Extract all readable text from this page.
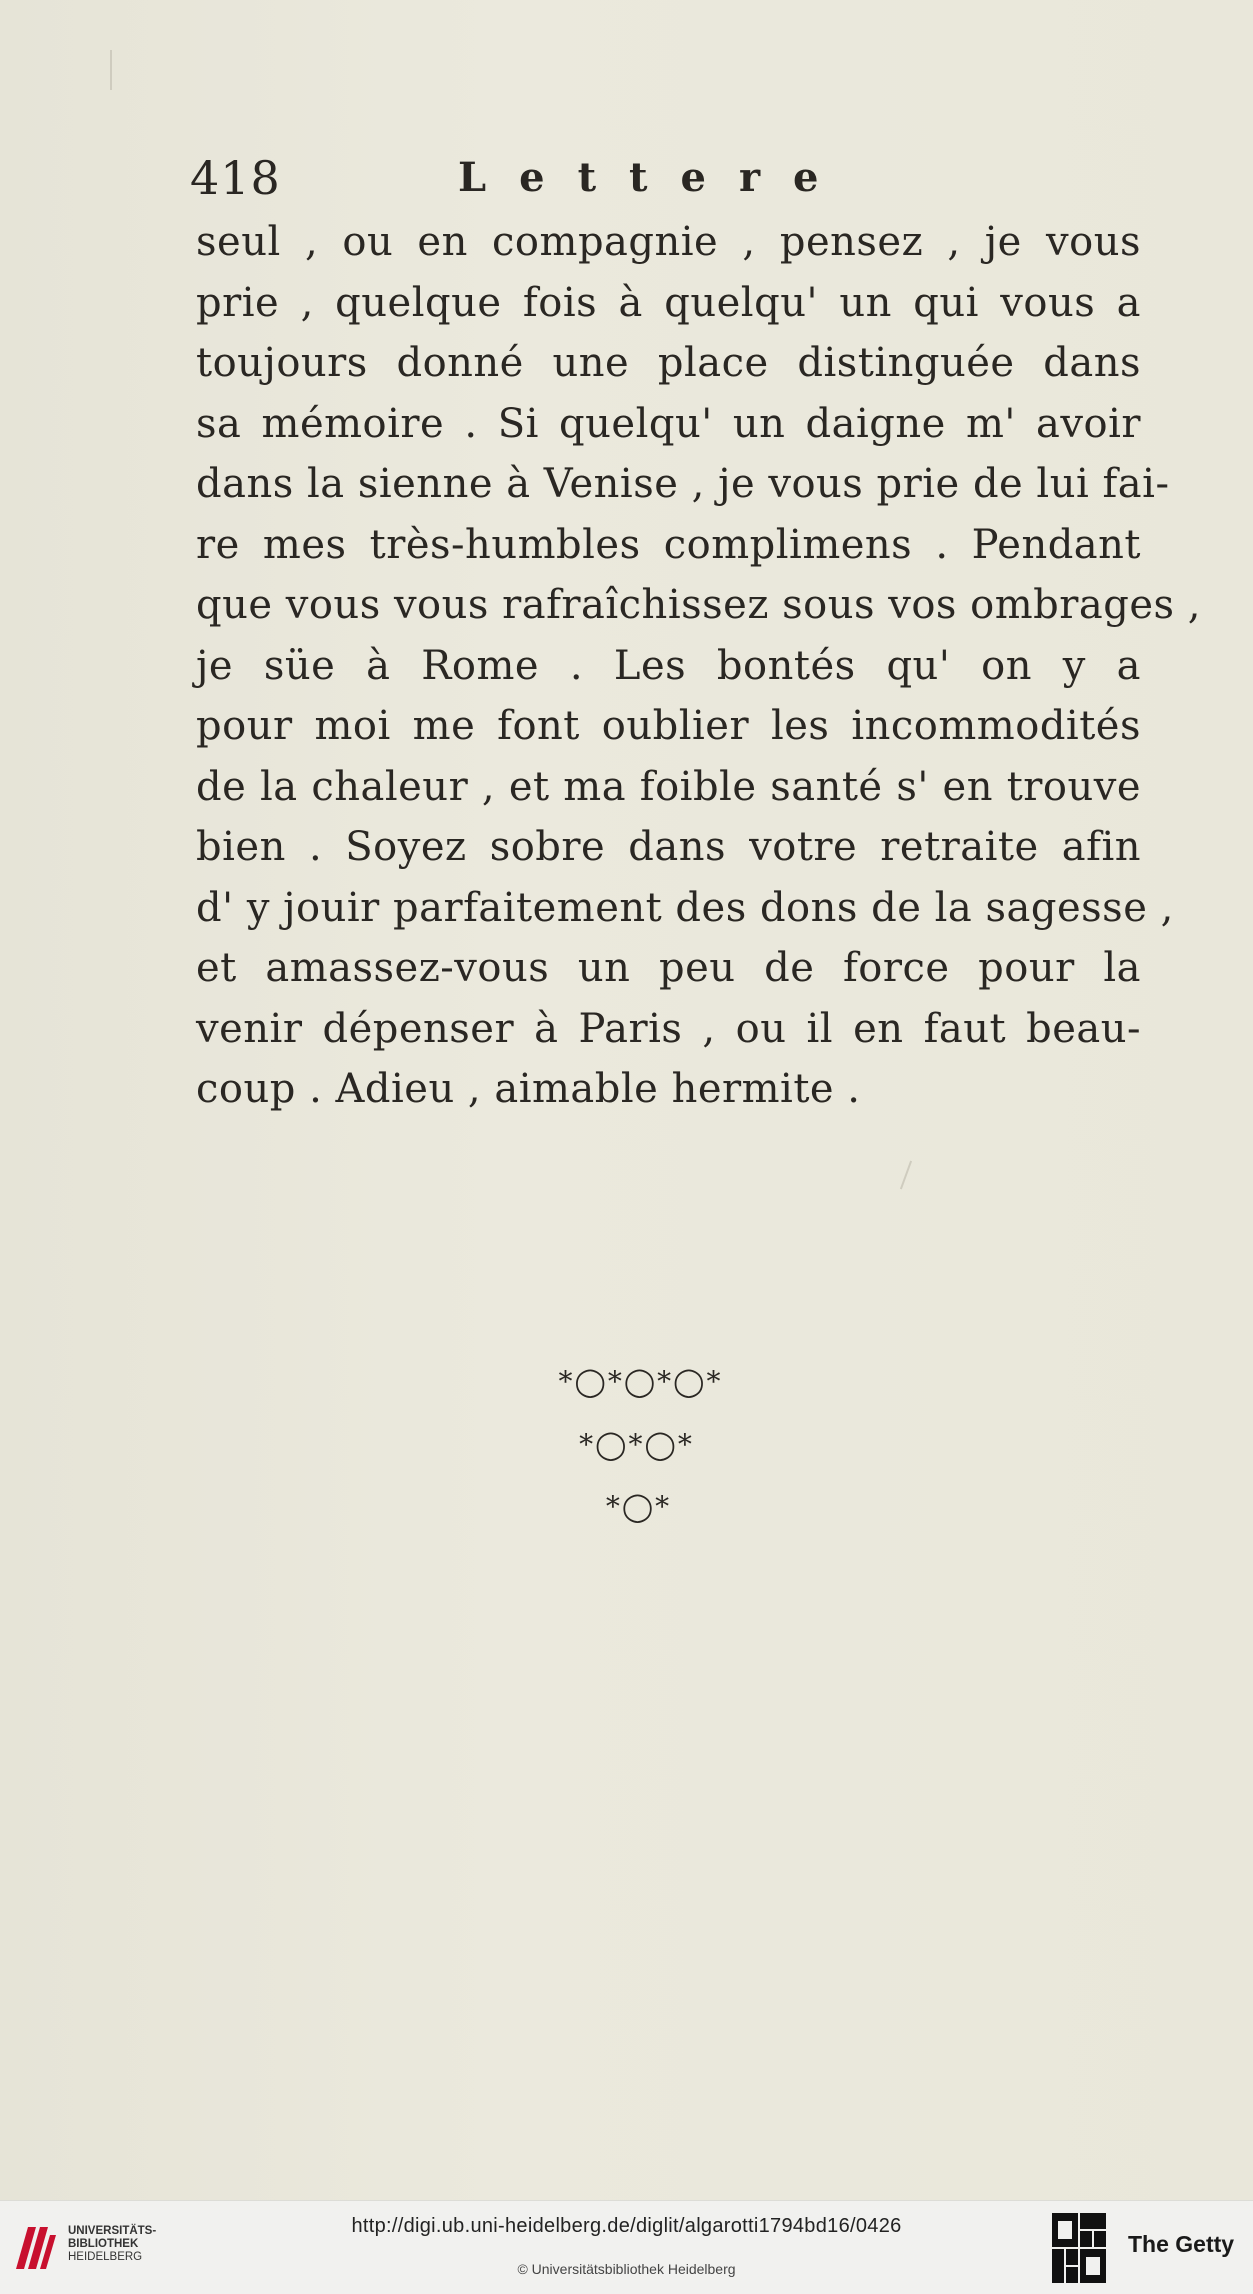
418	Lettere
seul , ou en compagnie , pensez , je vous
prie , quelque fois à quelqu' un qui vous a
toujours donné une place distinguée dans
sa mémoire . Si quelqu' un daigne m' avoir
dans la sienne à Venise , je vous prie de lui fai-
re mes très-humbles complimens . Pendant
que vous vous rafraîchissez sous vos ombrages ,
je süe à Rome . Les bontés qu' on y a
pour moi me font oublier les incommodités
de la chaleur , et ma foible santé s' en trouve
bien . Soyez sobre dans votre retraite afin
d' y jouir parfaitement des dons de la sagesse ,
et amassez-vous un peu de force pour la
venir dépenser à Paris , ou il en faut beau-
coup . Adieu , aimable hermite .
*◯*◯*◯*
*◯*◯*
*◯*
UNIVERSITÄTS-
BIBLIOTHEK
HEIDELBERG
http://digi.ub.uni-heidelberg.de/diglit/algarotti1794bd16/0426
© Universitätsbibliothek Heidelberg
The Getty
